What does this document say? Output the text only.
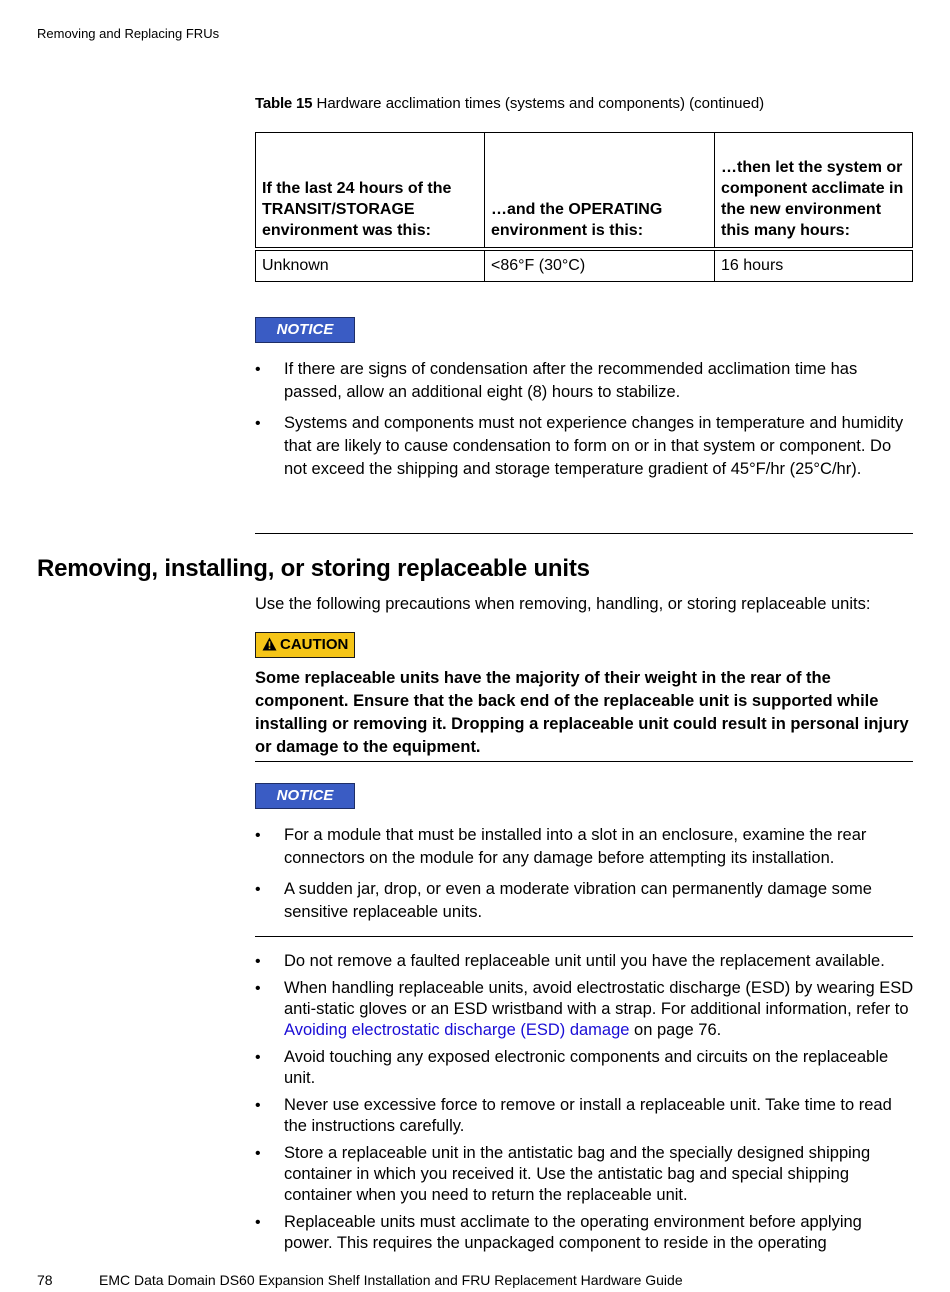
Removing and Replacing FRUs
Table 15 Hardware acclimation times (systems and components) (continued)
If the last 24 hours of the TRANSIT/STORAGE environment was this:	…and the OPERATING environment is this:	…then let the system or component acclimate in the new environment this many hours:
Unknown	<86°F (30°C)	16 hours
NOTICE
• If there are signs of condensation after the recommended acclimation time has passed, allow an additional eight (8) hours to stabilize.
• Systems and components must not experience changes in temperature and humidity that are likely to cause condensation to form on or in that system or component. Do not exceed the shipping and storage temperature gradient of 45°F/hr (25°C/hr).
Removing, installing, or storing replaceable units
Use the following precautions when removing, handling, or storing replaceable units:
CAUTION
Some replaceable units have the majority of their weight in the rear of the component. Ensure that the back end of the replaceable unit is supported while installing or removing it. Dropping a replaceable unit could result in personal injury or damage to the equipment.
NOTICE
• For a module that must be installed into a slot in an enclosure, examine the rear connectors on the module for any damage before attempting its installation.
• A sudden jar, drop, or even a moderate vibration can permanently damage some sensitive replaceable units.
• Do not remove a faulted replaceable unit until you have the replacement available.
• When handling replaceable units, avoid electrostatic discharge (ESD) by wearing ESD anti-static gloves or an ESD wristband with a strap. For additional information, refer to Avoiding electrostatic discharge (ESD) damage on page 76.
• Avoid touching any exposed electronic components and circuits on the replaceable unit.
• Never use excessive force to remove or install a replaceable unit. Take time to read the instructions carefully.
• Store a replaceable unit in the antistatic bag and the specially designed shipping container in which you received it. Use the antistatic bag and special shipping container when you need to return the replaceable unit.
• Replaceable units must acclimate to the operating environment before applying power. This requires the unpackaged component to reside in the operating
78	EMC Data Domain DS60 Expansion Shelf Installation and FRU Replacement Hardware Guide
